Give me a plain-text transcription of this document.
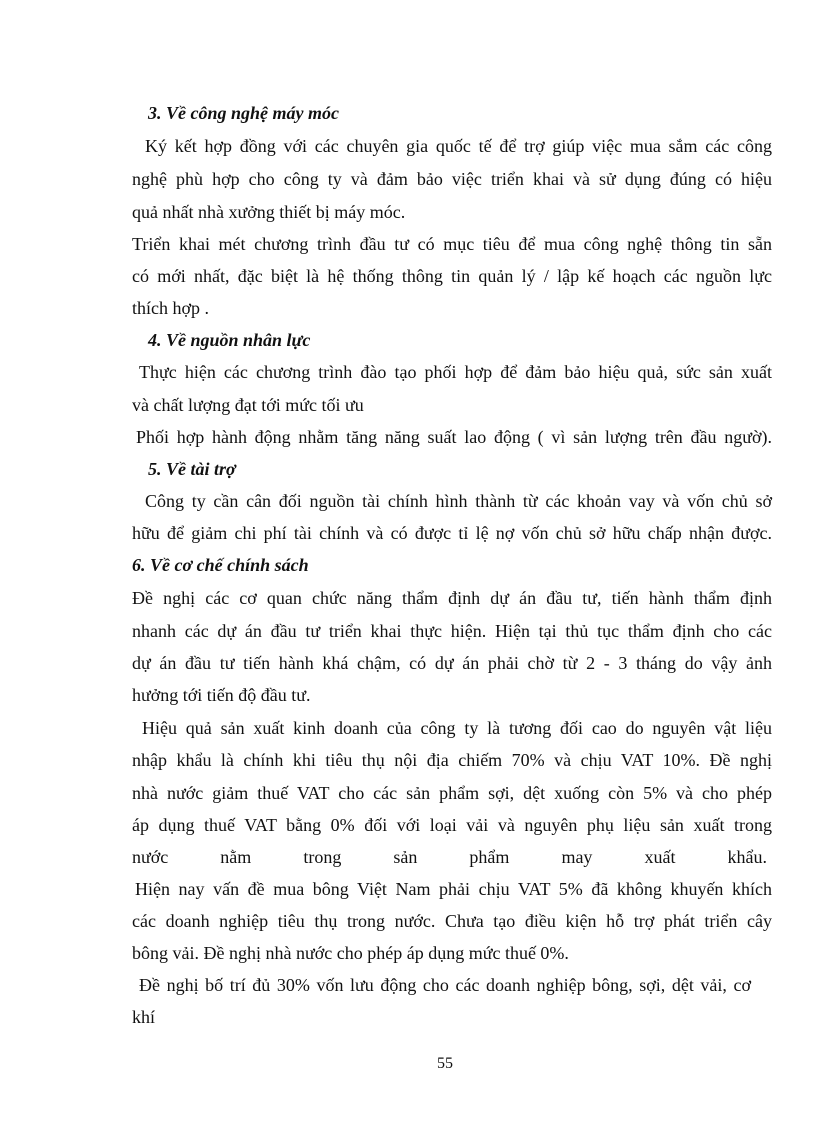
3. Về công nghệ máy móc
Ký kết hợp đồng với các chuyên gia quốc tế để trợ giúp việc mua sắm các công
nghệ phù hợp cho công ty và đảm bảo việc triển khai và sử dụng đúng có hiệu
quả nhất nhà xưởng thiết bị máy móc.
Triển khai mét chương trình đầu tư có mục tiêu để mua công nghệ thông tin sẵn
có mới nhất, đặc biệt là hệ thống thông tin quản lý / lập kế hoạch các nguồn lực
thích hợp .
4. Về nguồn nhân lực
Thực hiện các chương trình đào tạo phối hợp để đảm bảo hiệu quả, sức sản xuất
và chất lượng đạt tới mức tối ưu
Phối hợp hành động nhằm tăng năng suất lao động ( vì sản lượng trên đầu ngườ).
5. Về tài trợ
Công ty cần cân đối nguồn tài chính hình thành từ các khoản vay và vốn chủ sở
hữu để giảm chi phí tài chính và có được tỉ lệ nợ vốn chủ sở hữu chấp nhận được.
6. Về cơ chế chính sách
Đề nghị các cơ quan chức năng thẩm định dự án đầu tư, tiến hành thẩm định
nhanh các dự án đầu tư triển khai thực hiện. Hiện tại thủ tục thẩm định cho các
dự án đầu tư tiến hành khá chậm, có dự án phải chờ từ 2 - 3 tháng do vậy ảnh
hưởng tới tiến độ đầu tư.
Hiệu quả sản xuất kinh doanh của công ty là tương đối cao do nguyên vật liệu
nhập khẩu là chính khi tiêu thụ nội địa chiếm 70% và chịu VAT 10%. Đề nghị
nhà nước giảm thuế VAT cho các sản phẩm sợi, dệt xuống còn 5% và cho phép
áp dụng thuế VAT bằng 0% đối với loại vải và nguyên phụ liệu sản xuất trong
nước nằm trong sản phẩm may xuất khẩu.
Hiện nay vấn đề mua bông Việt Nam phải chịu VAT 5% đã không khuyến khích
các doanh nghiệp tiêu thụ trong nước. Chưa tạo điều kiện hỗ trợ phát triển cây
bông vải. Đề nghị nhà nước cho phép áp dụng mức thuế 0%.
Đề nghị bố trí đủ 30% vốn lưu động cho các doanh nghiệp bông, sợi, dệt vải, cơ
khí
55
